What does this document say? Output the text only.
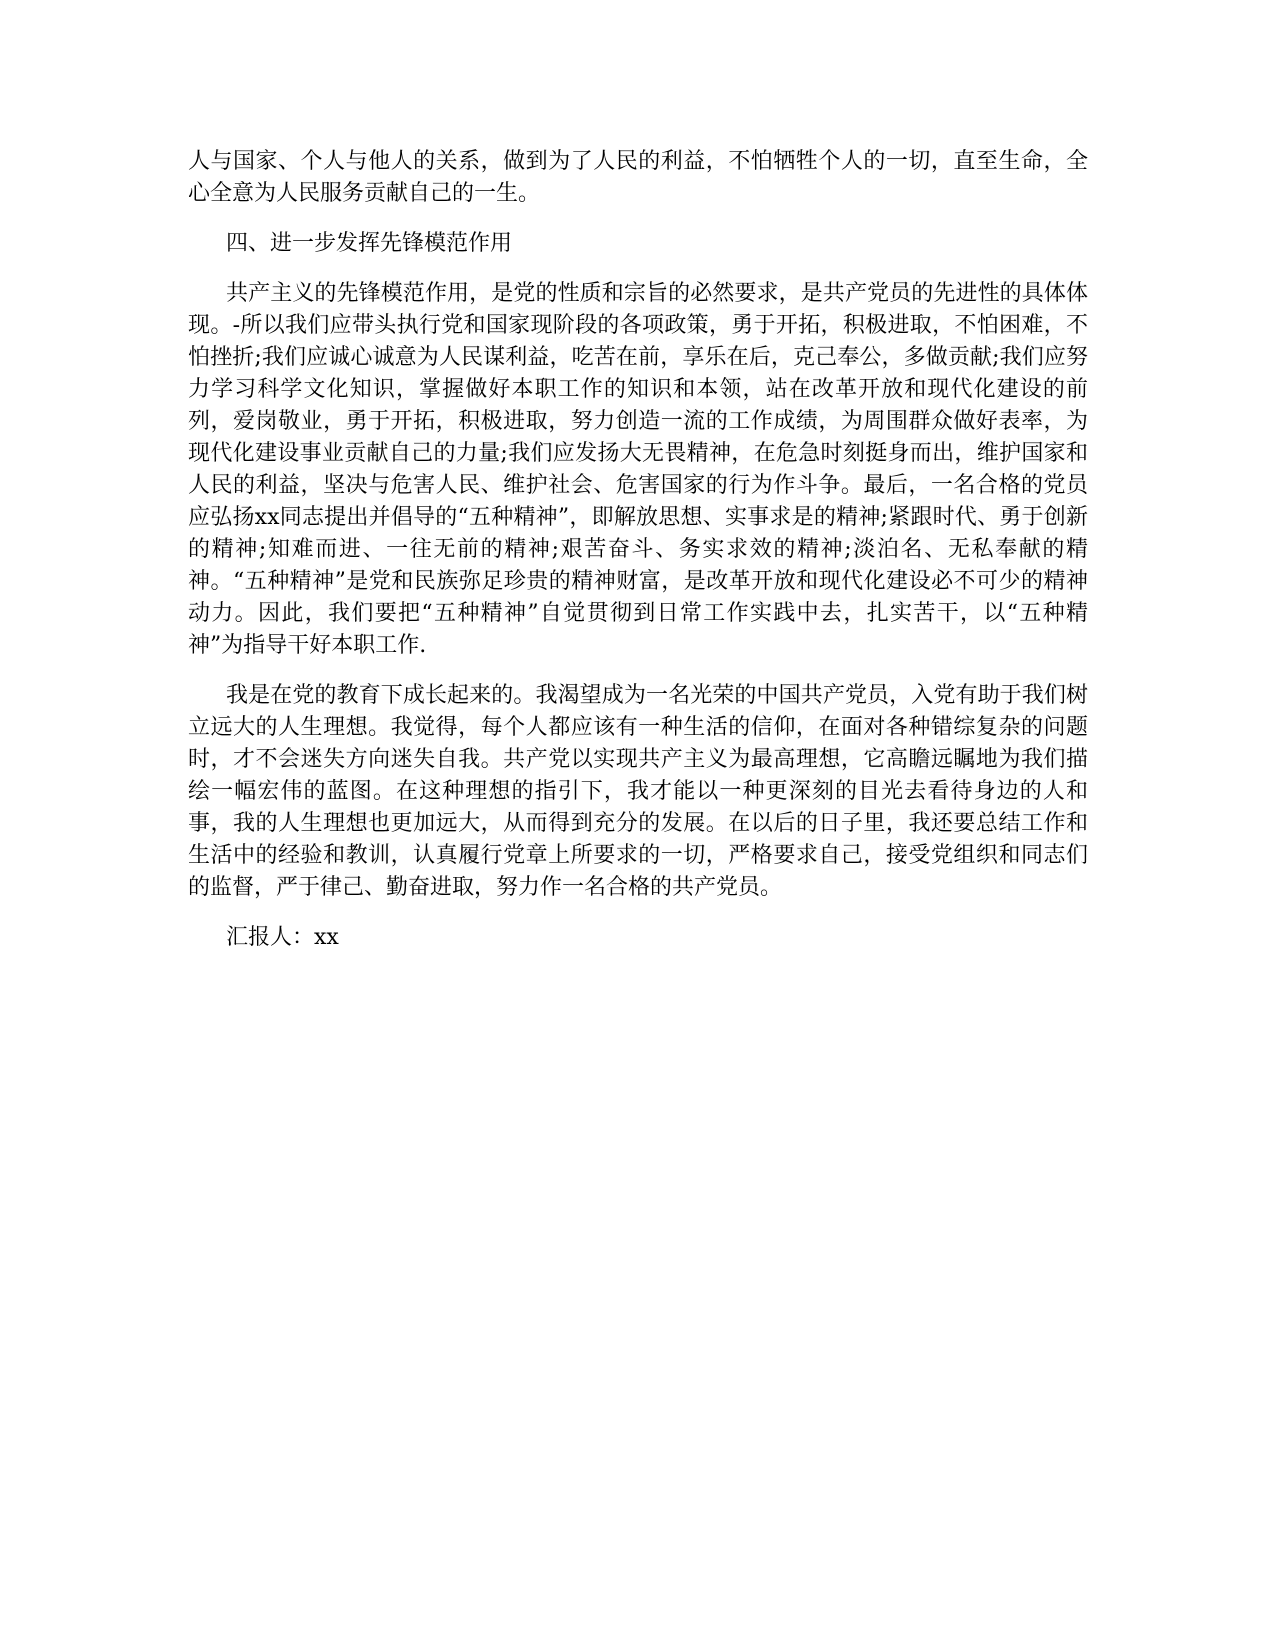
人与国家、个人与他人的关系，做到为了人民的利益，不怕牺牲个人的一切，直至生命，全心全意为人民服务贡献自己的一生。

四、进一步发挥先锋模范作用

共产主义的先锋模范作用，是党的性质和宗旨的必然要求，是共产党员的先进性的具体体现。-所以我们应带头执行党和国家现阶段的各项政策，勇于开拓，积极进取，不怕困难，不怕挫折;我们应诚心诚意为人民谋利益，吃苦在前，享乐在后，克己奉公，多做贡献;我们应努力学习科学文化知识，掌握做好本职工作的知识和本领，站在改革开放和现代化建设的前列，爱岗敬业，勇于开拓，积极进取，努力创造一流的工作成绩，为周围群众做好表率，为现代化建设事业贡献自己的力量;我们应发扬大无畏精神，在危急时刻挺身而出，维护国家和人民的利益，坚决与危害人民、维护社会、危害国家的行为作斗争。最后，一名合格的党员应弘扬xx同志提出并倡导的“五种精神”，即解放思想、实事求是的精神;紧跟时代、勇于创新的精神;知难而进、一往无前的精神;艰苦奋斗、务实求效的精神;淡泊名、无私奉献的精神。“五种精神”是党和民族弥足珍贵的精神财富，是改革开放和现代化建设必不可少的精神动力。因此，我们要把“五种精神”自觉贯彻到日常工作实践中去，扎实苦干，以“五种精神”为指导干好本职工作.

我是在党的教育下成长起来的。我渴望成为一名光荣的中国共产党员，入党有助于我们树立远大的人生理想。我觉得，每个人都应该有一种生活的信仰，在面对各种错综复杂的问题时，才不会迷失方向迷失自我。共产党以实现共产主义为最高理想，它高瞻远瞩地为我们描绘一幅宏伟的蓝图。在这种理想的指引下，我才能以一种更深刻的目光去看待身边的人和事，我的人生理想也更加远大，从而得到充分的发展。在以后的日子里，我还要总结工作和生活中的经验和教训，认真履行党章上所要求的一切，严格要求自己，接受党组织和同志们的监督，严于律己、勤奋进取，努力作一名合格的共产党员。

汇报人：xx
